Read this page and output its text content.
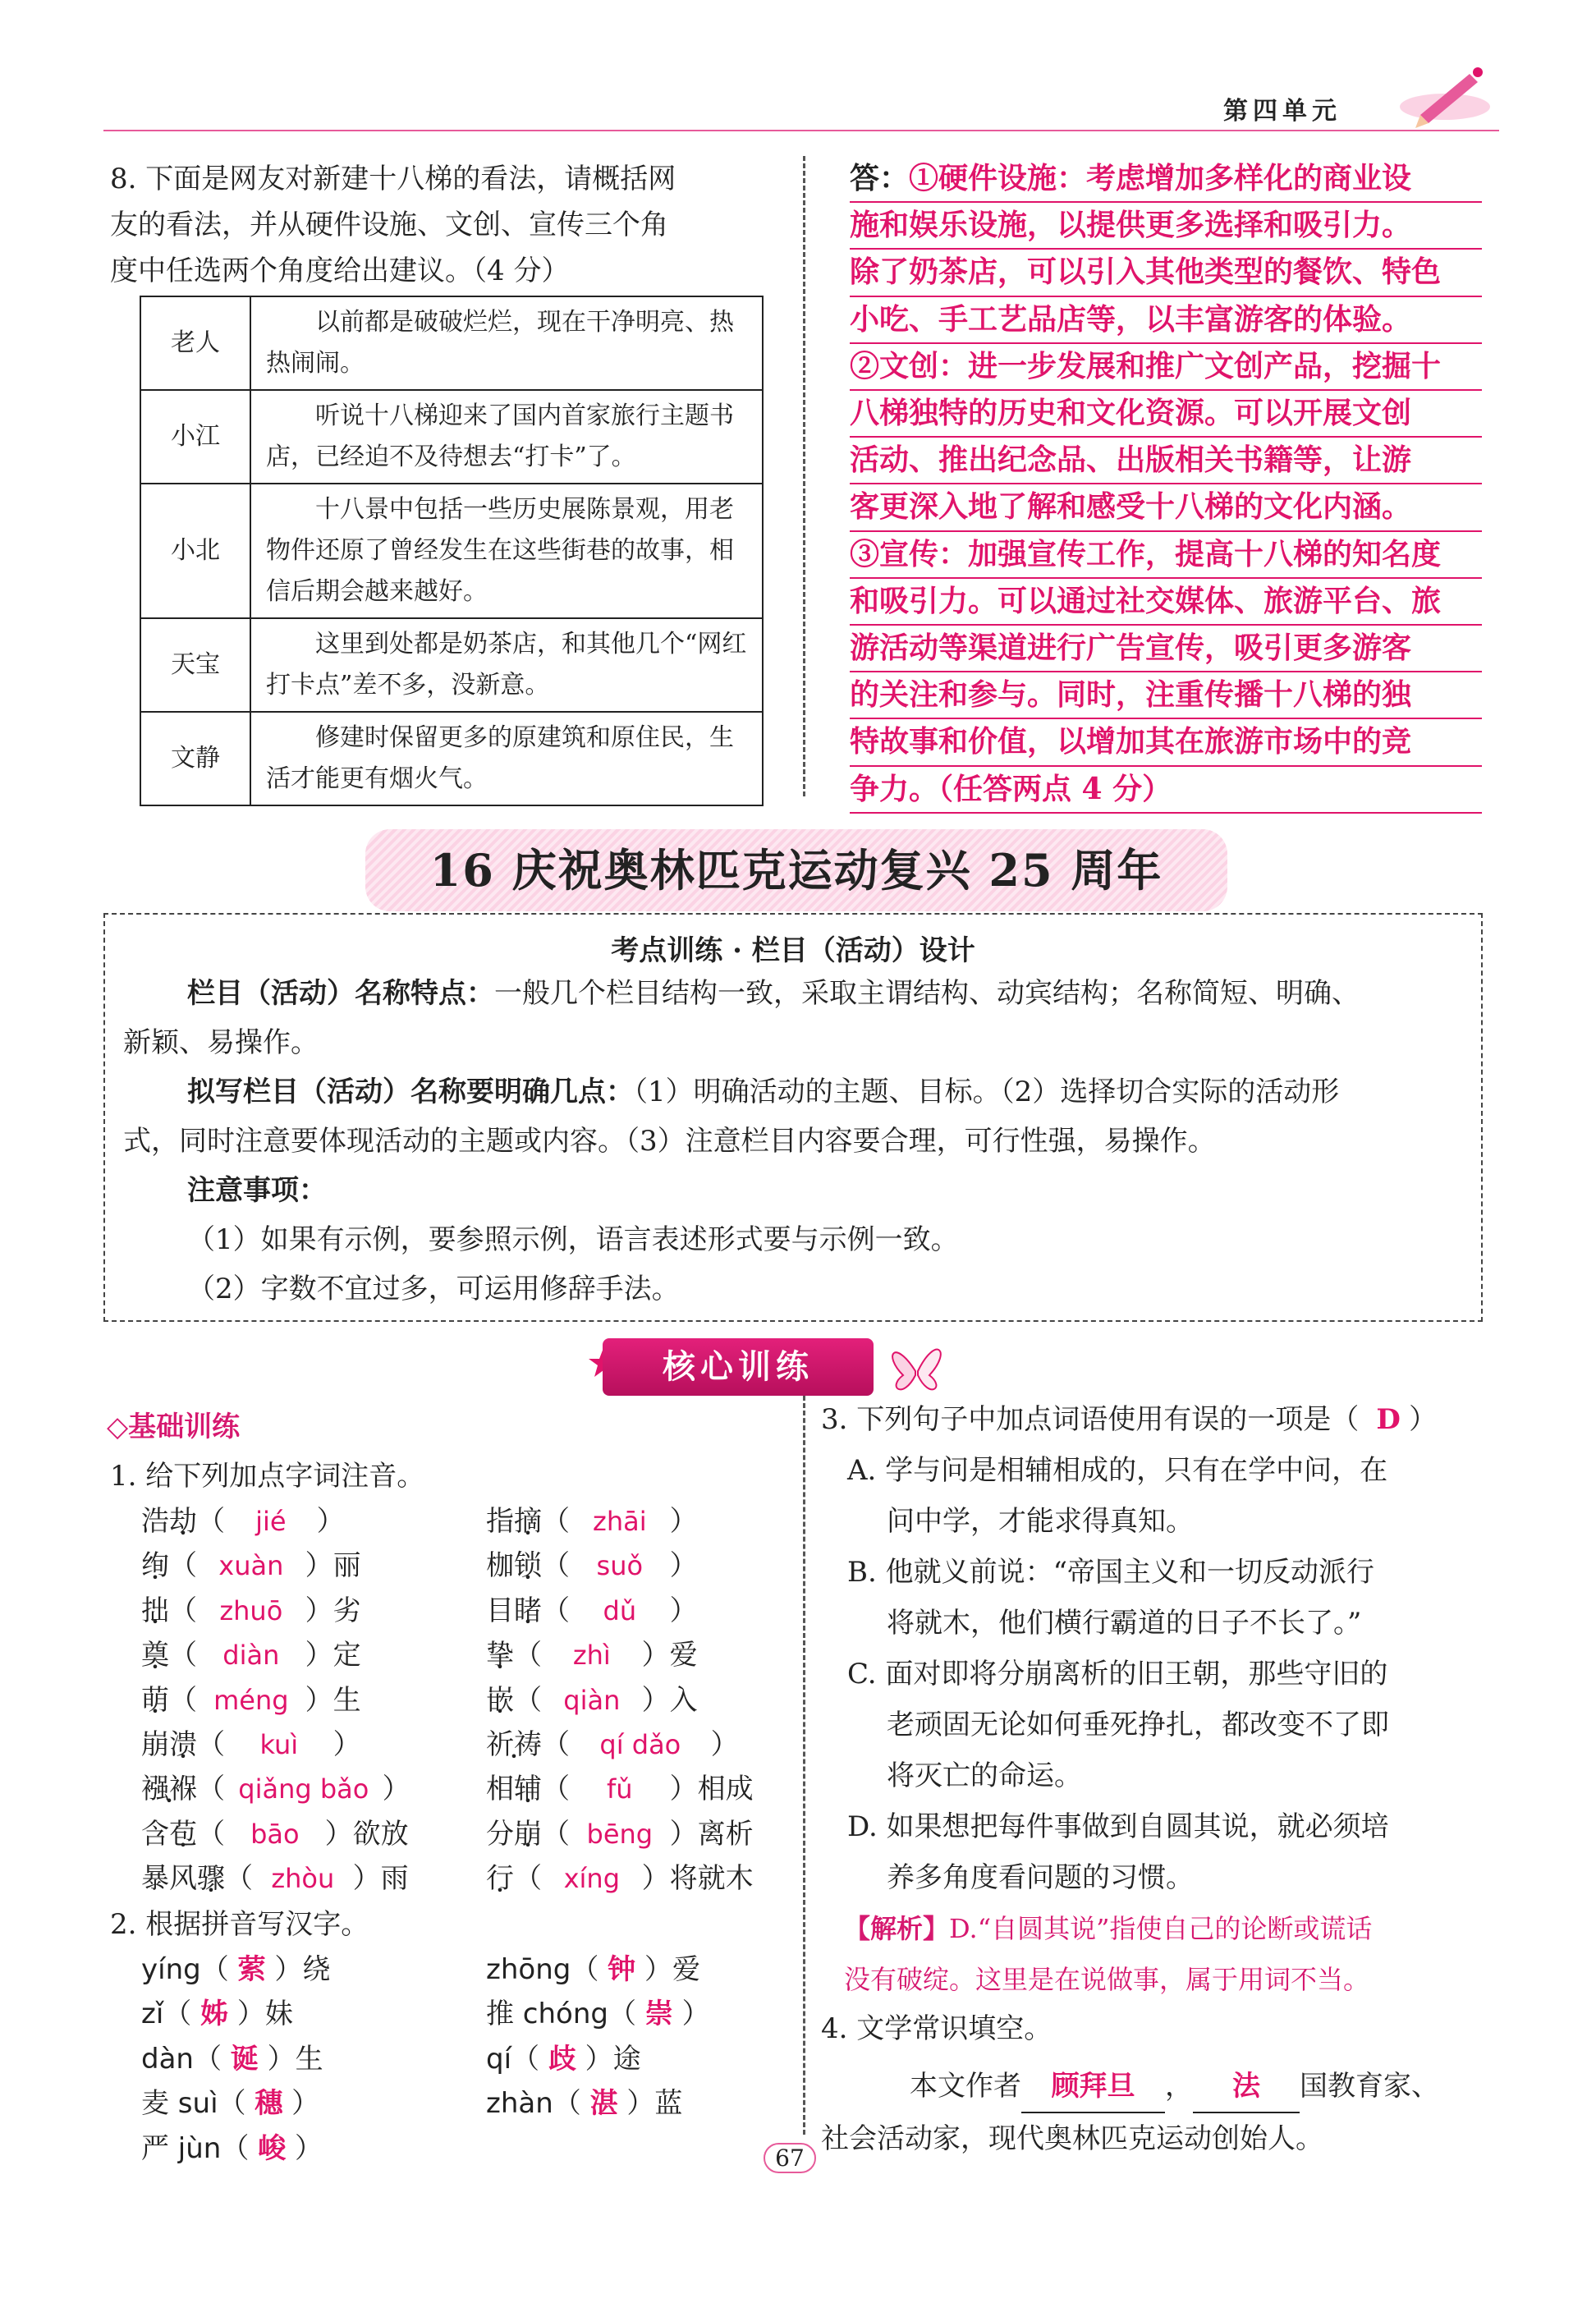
第四单元
8. 下面是网友对新建十八梯的看法，请概括网
友的看法，并从硬件设施、文创、宣传三个角
度中任选两个角度给出建议。（4 分）
老人	以前都是破破烂烂，现在干净明亮、热热闹闹。
小江	听说十八梯迎来了国内首家旅行主题书店，已经迫不及待想去“打卡”了。
小北	十八景中包括一些历史展陈景观，用老物件还原了曾经发生在这些街巷的故事，相信后期会越来越好。
天宝	这里到处都是奶茶店，和其他几个“网红打卡点”差不多，没新意。
文静	修建时保留更多的原建筑和原住民，生活才能更有烟火气。
答：①硬件设施：考虑增加多样化的商业设
施和娱乐设施，以提供更多选择和吸引力。
除了奶茶店，可以引入其他类型的餐饮、特色
小吃、手工艺品店等，以丰富游客的体验。
②文创：进一步发展和推广文创产品，挖掘十
八梯独特的历史和文化资源。可以开展文创
活动、推出纪念品、出版相关书籍等，让游
客更深入地了解和感受十八梯的文化内涵。
③宣传：加强宣传工作，提高十八梯的知名度
和吸引力。可以通过社交媒体、旅游平台、旅
游活动等渠道进行广告宣传，吸引更多游客
的关注和参与。同时，注重传播十八梯的独
特故事和价值，以增加其在旅游市场中的竞
争力。（任答两点 4 分）
16 庆祝奥林匹克运动复兴 25 周年
考点训练 · 栏目（活动）设计
栏目（活动）名称特点：一般几个栏目结构一致，采取主谓结构、动宾结构；名称简短、明确、
新颖、易操作。
拟写栏目（活动）名称要明确几点：（1）明确活动的主题、目标。（2）选择切合实际的活动形
式，同时注意要体现活动的主题或内容。（3）注意栏目内容要合理，可行性强，易操作。
注意事项：
（1）如果有示例，要参照示例，语言表述形式要与示例一致。
（2）字数不宜过多，可运用修辞手法。
核心训练
◇基础训练
1. 给下列加点字词注音。
浩劫（ jié ）
绚（ xuàn ）丽
拙（ zhuō ）劣
奠（ diàn ）定
萌（ méng ）生
崩溃（ kuì ）
襁褓（ qiǎng bǎo ）
含苞（ bāo ）欲放
暴风骤（ zhòu ）雨
指摘（ zhāi ）
枷锁（ suǒ ）
目睹（ dǔ ）
挚（ zhì ）爱
嵌（ qiàn ）入
祈祷（ qí dǎo ）
相辅（ fǔ ）相成
分崩（ bēng ）离析
行（ xíng ）将就木
2. 根据拼音写汉字。
yíng（ 萦 ）绕
zǐ（ 姊 ）妹
dàn（ 诞 ）生
麦 suì（ 穗 ）
严 jùn（ 峻 ）
zhōng（ 钟 ）爱
推 chóng（ 崇 ）
qí（ 歧 ）途
zhàn（ 湛 ）蓝
3. 下列句子中加点词语使用有误的一项是（ D ）
A. 学与问是相辅相成的，只有在学中问，在
问中学，才能求得真知。
B. 他就义前说：“帝国主义和一切反动派行
将就木，他们横行霸道的日子不长了。”
C. 面对即将分崩离析的旧王朝，那些守旧的
老顽固无论如何垂死挣扎，都改变不了即
将灭亡的命运。
D. 如果想把每件事做到自圆其说，就必须培
养多角度看问题的习惯。
【解析】D.“自圆其说”指使自己的论断或谎话
没有破绽。这里是在说做事，属于用词不当。
4. 文学常识填空。
本文作者 顾拜旦 ， 法 国教育家、
社会活动家，现代奥林匹克运动创始人。
67
